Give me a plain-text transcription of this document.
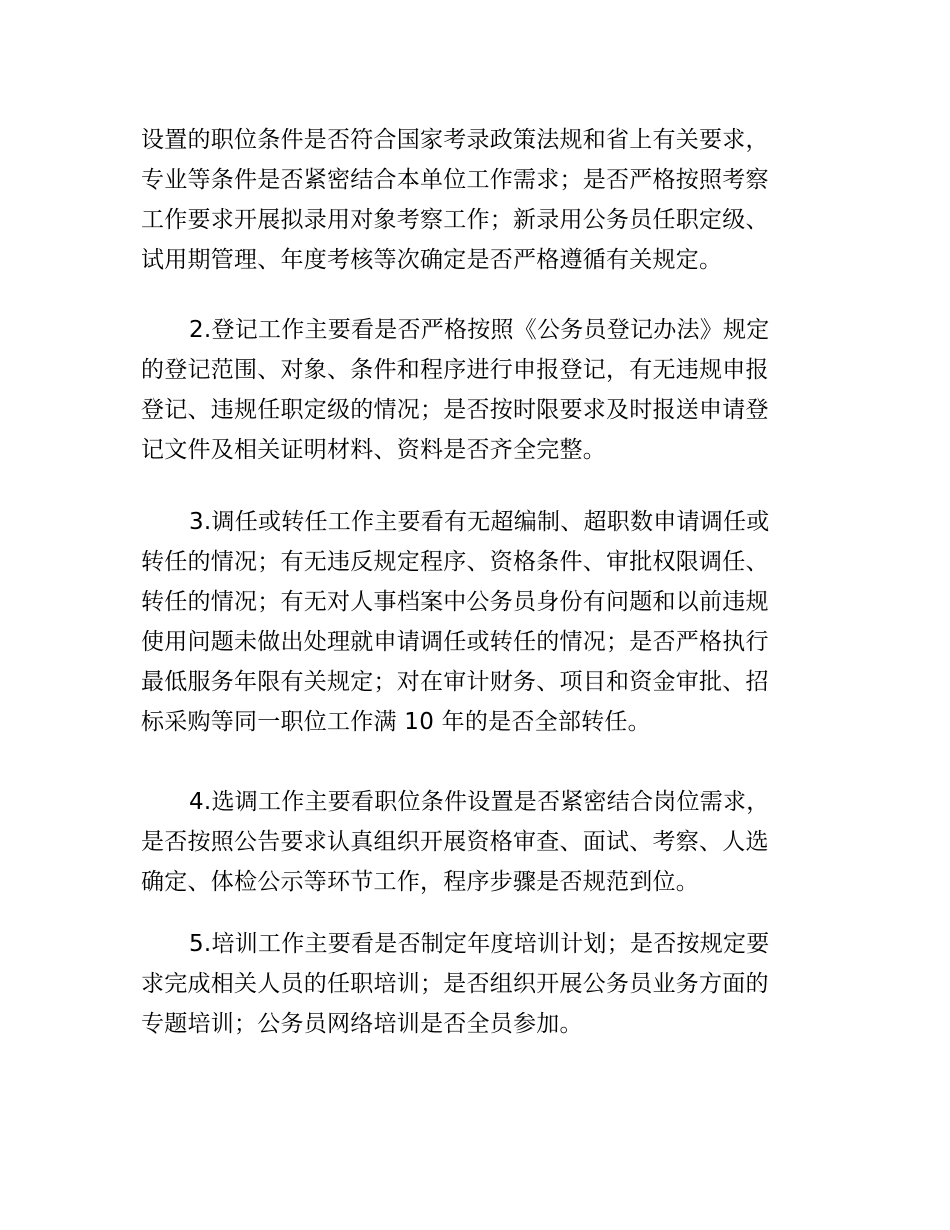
设置的职位条件是否符合国家考录政策法规和省上有关要求，
专业等条件是否紧密结合本单位工作需求；是否严格按照考察
工作要求开展拟录用对象考察工作；新录用公务员任职定级、
试用期管理、年度考核等次确定是否严格遵循有关规定。
2.登记工作主要看是否严格按照《公务员登记办法》规定
的登记范围、对象、条件和程序进行申报登记，有无违规申报
登记、违规任职定级的情况；是否按时限要求及时报送申请登
记文件及相关证明材料、资料是否齐全完整。
3.调任或转任工作主要看有无超编制、超职数申请调任或
转任的情况；有无违反规定程序、资格条件、审批权限调任、
转任的情况；有无对人事档案中公务员身份有问题和以前违规
使用问题未做出处理就申请调任或转任的情况；是否严格执行
最低服务年限有关规定；对在审计财务、项目和资金审批、招
标采购等同一职位工作满 10 年的是否全部转任。
4.选调工作主要看职位条件设置是否紧密结合岗位需求，
是否按照公告要求认真组织开展资格审查、面试、考察、人选
确定、体检公示等环节工作，程序步骤是否规范到位。
5.培训工作主要看是否制定年度培训计划；是否按规定要
求完成相关人员的任职培训；是否组织开展公务员业务方面的
专题培训；公务员网络培训是否全员参加。
